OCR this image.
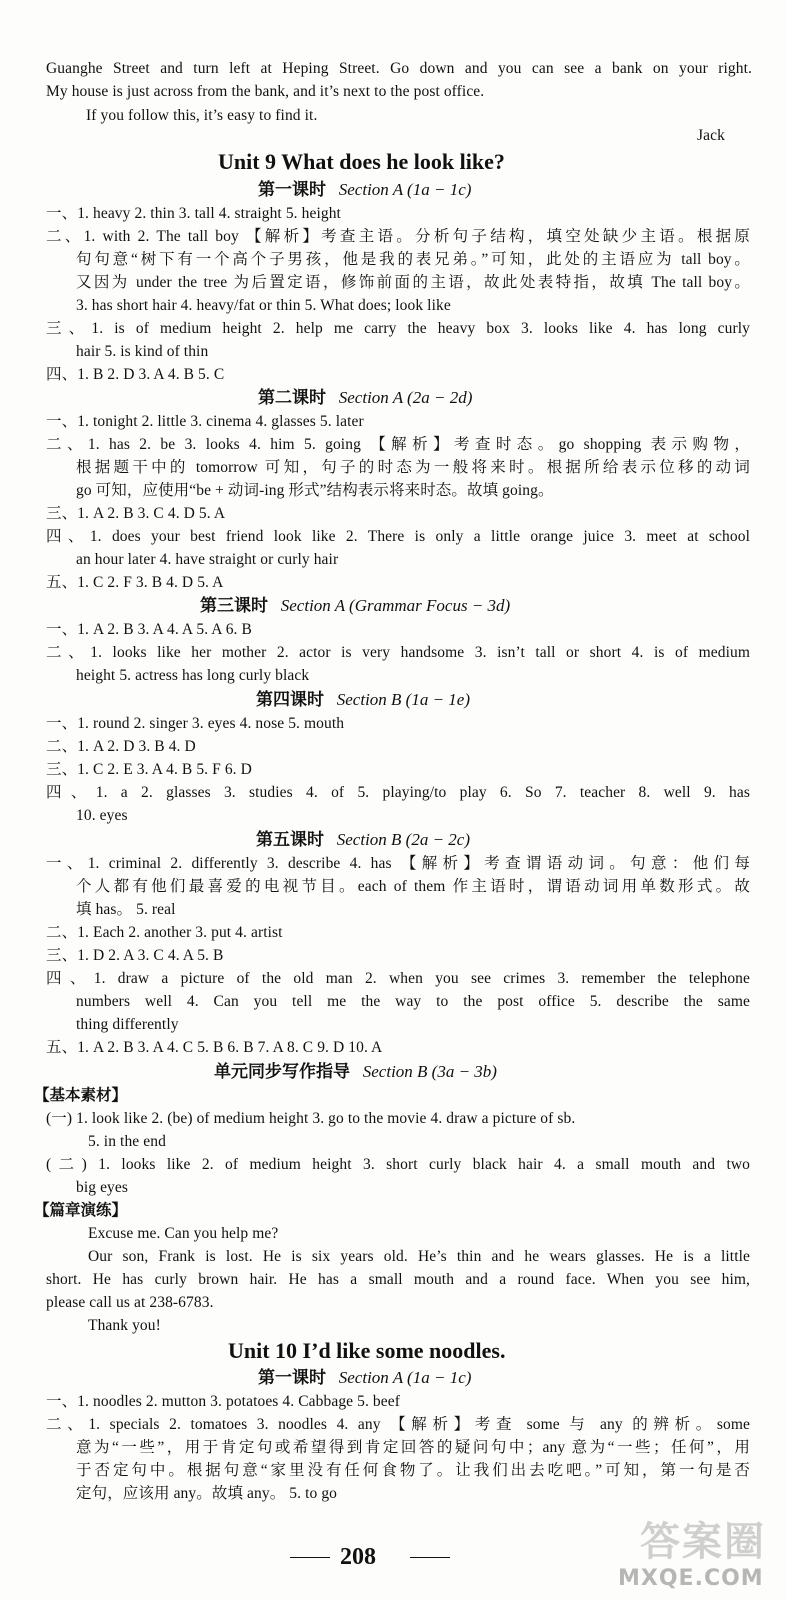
Guanghe Street and turn left at Heping Street. Go down and you can see a bank on your right.
My house is just across from the bank, and it’s next to the post office.
If you follow this, it’s easy to find it.
Jack
Unit 9 What does he look like?
第一课时 Section A (1a − 1c)
一、1. heavy 2. thin 3. tall 4. straight 5. height
二、1. with 2. The tall boy 【解析】考查主语。分析句子结构，填空处缺少主语。根据原
句句意“树下有一个高个子男孩，他是我的表兄弟。”可知，此处的主语应为 tall boy。
又因为 under the tree 为后置定语，修饰前面的主语，故此处表特指，故填 The tall boy。
3. has short hair 4. heavy/fat or thin 5. What does; look like
三、1. is of medium height 2. help me carry the heavy box 3. looks like 4. has long curly
hair 5. is kind of thin
四、1. B 2. D 3. A 4. B 5. C
第二课时 Section A (2a − 2d)
一、1. tonight 2. little 3. cinema 4. glasses 5. later
二、1. has 2. be 3. looks 4. him 5. going 【解析】考查时态。go shopping 表示购物，
根据题干中的 tomorrow 可知，句子的时态为一般将来时。根据所给表示位移的动词
go 可知，应使用“be + 动词-ing 形式”结构表示将来时态。故填 going。
三、1. A 2. B 3. C 4. D 5. A
四、1. does your best friend look like 2. There is only a little orange juice 3. meet at school
an hour later 4. have straight or curly hair
五、1. C 2. F 3. B 4. D 5. A
第三课时 Section A (Grammar Focus − 3d)
一、1. A 2. B 3. A 4. A 5. A 6. B
二、1. looks like her mother 2. actor is very handsome 3. isn’t tall or short 4. is of medium
height 5. actress has long curly black
第四课时 Section B (1a − 1e)
一、1. round 2. singer 3. eyes 4. nose 5. mouth
二、1. A 2. D 3. B 4. D
三、1. C 2. E 3. A 4. B 5. F 6. D
四、1. a 2. glasses 3. studies 4. of 5. playing/to play 6. So 7. teacher 8. well 9. has
10. eyes
第五课时 Section B (2a − 2c)
一、1. criminal 2. differently 3. describe 4. has 【解析】考查谓语动词。句意：他们每
个人都有他们最喜爱的电视节目。each of them 作主语时，谓语动词用单数形式。故
填 has。 5. real
二、1. Each 2. another 3. put 4. artist
三、1. D 2. A 3. C 4. A 5. B
四、1. draw a picture of the old man 2. when you see crimes 3. remember the telephone
numbers well 4. Can you tell me the way to the post office 5. describe the same
thing differently
五、1. A 2. B 3. A 4. C 5. B 6. B 7. A 8. C 9. D 10. A
单元同步写作指导 Section B (3a − 3b)
【基本素材】
(一) 1. look like 2. (be) of medium height 3. go to the movie 4. draw a picture of sb.
5. in the end
(二) 1. looks like 2. of medium height 3. short curly black hair 4. a small mouth and two
big eyes
【篇章演练】
Excuse me. Can you help me?
Our son, Frank is lost. He is six years old. He’s thin and he wears glasses. He is a little
short. He has curly brown hair. He has a small mouth and a round face. When you see him,
please call us at 238-6783.
Thank you!
Unit 10 I’d like some noodles.
第一课时 Section A (1a − 1c)
一、1. noodles 2. mutton 3. potatoes 4. Cabbage 5. beef
二、1. specials 2. tomatoes 3. noodles 4. any 【解析】考查 some 与 any 的辨析。some
意为“一些”，用于肯定句或希望得到肯定回答的疑问句中；any 意为“一些；任何”，用
于否定句中。根据句意“家里没有任何食物了。让我们出去吃吧。”可知，第一句是否
定句，应该用 any。故填 any。 5. to go
208	答案圈
MXQE.COM
